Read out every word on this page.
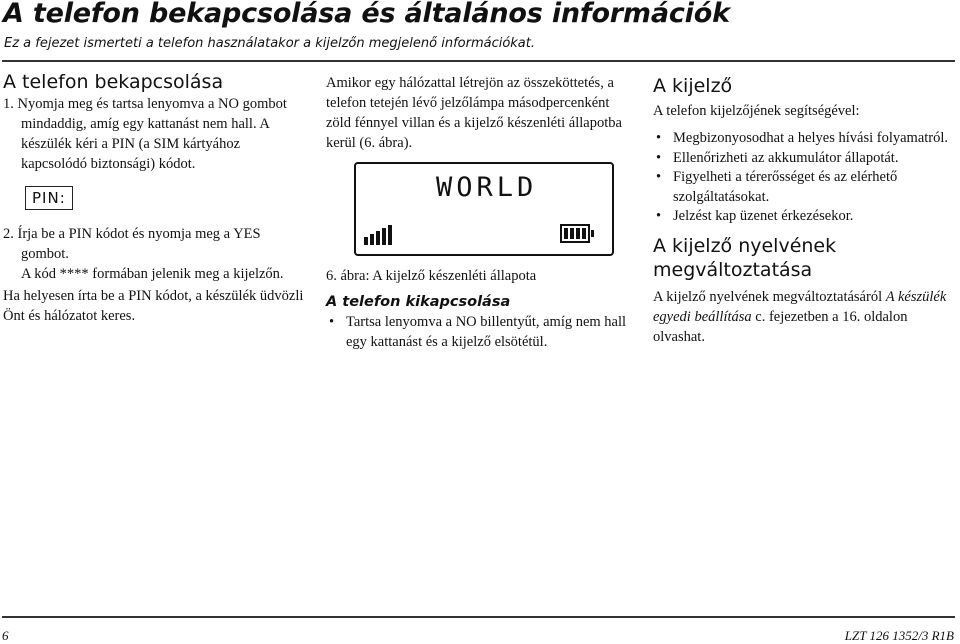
A telefon bekapcsolása és általános információk
Ez a fejezet ismerteti a telefon használatakor a kijelzőn megjelenő információkat.

A telefon bekapcsolása

1. Nyomja meg és tartsa lenyomva a NO gombot

mindaddig, amíg egy kattanást nem hall. A készülék kéri a PIN (a SIM kártyához kapcsolódó biztonsági) kódot.

PIN:

2. Írja be a PIN kódot és nyomja meg a YES

gombot.

A kód **** formában jelenik meg a kijelzőn.

Ha helyesen írta be a PIN kódot, a készülék üdvözli Önt és hálózatot keres.

Amikor egy hálózattal létrejön az összeköttetés, a telefon tetején lévő jelzőlámpa másodpercenként zöld fénnyel villan és a kijelző készenléti állapotba kerül (6. ábra).

WORLD

6. ábra: A kijelző készenléti állapota

A telefon kikapcsolása

• Tartsa lenyomva a NO billentyűt, amíg nem hall egy kattanást és a kijelző elsötétül.

A kijelző

A telefon kijelzőjének segítségével:

• Megbizonyosodhat a helyes hívási folyamatról.
• Ellenőrizheti az akkumulátor állapotát.
• Figyelheti a térerősséget és az elérhető szolgáltatásokat.
• Jelzést kap üzenet érkezésekor.

A kijelző nyelvének megváltoztatása

A kijelző nyelvének megváltoztatásáról A készülék egyedi beállítása c. fejezetben a 16. oldalon olvashat.

6	LZT 126 1352/3 R1B
